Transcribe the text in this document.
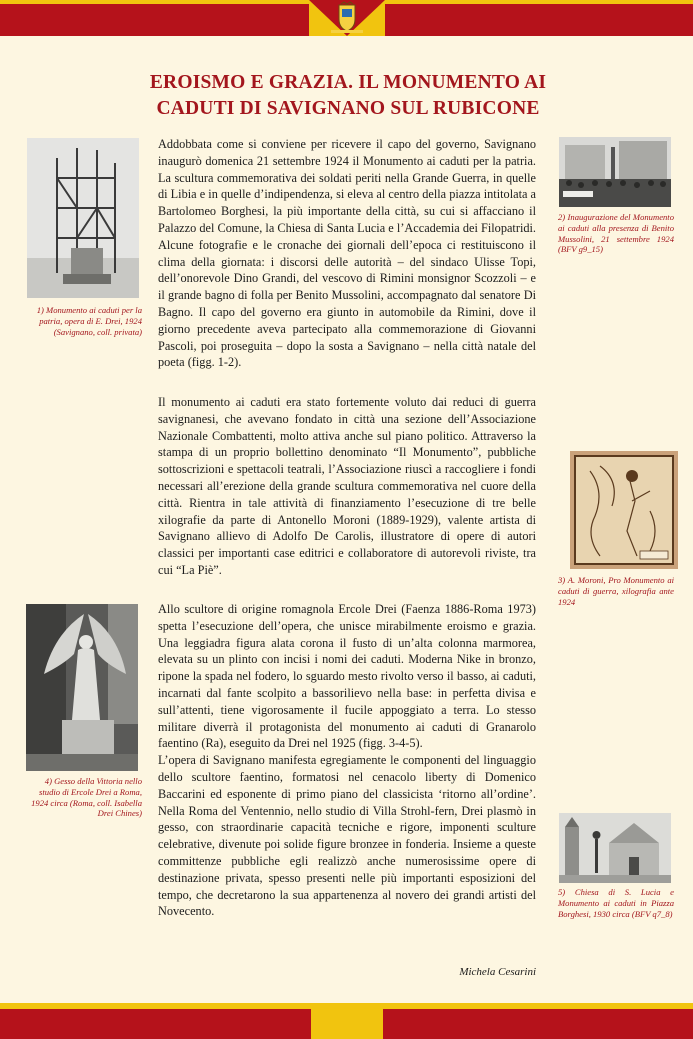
EROISMO E GRAZIA. IL MONUMENTO AI
CADUTI DI SAVIGNANO SUL RUBICONE

Addobbata come si conviene per ricevere il capo del governo, Savignano inaugurò domenica 21 settembre 1924 il Monumento ai caduti per la patria. La scultura commemorativa dei soldati periti nella Grande Guerra, in quelle di Libia e in quelle d’indipendenza, si eleva al centro della piazza intitolata a Bartolomeo Borghesi, la più importante della città, su cui si affacciano il Palazzo del Comune, la Chiesa di Santa Lucia e l’Accademia dei Filopatridi. Alcune fotografie e le cronache dei giornali dell’epoca ci restituiscono il clima della giornata: i discorsi delle autorità – del sindaco Ulisse Topi, dell’onorevole Dino Grandi, del vescovo di Rimini monsignor Scozzoli – e il grande bagno di folla per Benito Mussolini, accompagnato dal senatore Di Bagno. Il capo del governo era giunto in automobile da Rimini, dove il giorno precedente aveva partecipato alla commemorazione di Giovanni Pascoli, poi proseguita – dopo la sosta a Savignano – nella città natale del poeta (figg. 1-2).

Il monumento ai caduti era stato fortemente voluto dai reduci di guerra savignanesi, che avevano fondato in città una sezione dell’Associazione Nazionale Combattenti, molto attiva anche sul piano politico. Attraverso la stampa di un proprio bollettino denominato “Il Monumento”, pubbliche sottoscrizioni e spettacoli teatrali, l’Associazione riuscì a raccogliere i fondi necessari all’erezione della grande scultura commemorativa nel cuore della città. Rientra in tale attività di finanziamento l’esecuzione di tre belle xilografie da parte di Antonello Moroni (1889-1929), valente artista di Savignano allievo di Adolfo De Carolis, illustratore di opere di autori classici per importanti case editrici e collaboratore di autorevoli riviste, tra cui “La Piè”.

Allo scultore di origine romagnola Ercole Drei (Faenza 1886-Roma 1973) spetta l’esecuzione dell’opera, che unisce mirabilmente eroismo e grazia. Una leggiadra figura alata corona il fusto di un’alta colonna marmorea, elevata su un plinto con incisi i nomi dei caduti. Moderna Nike in bronzo, ripone la spada nel fodero, lo sguardo mesto rivolto verso il basso, ai caduti, incarnati dal fante scolpito a bassorilievo nella base: in perfetta divisa e sull’attenti, tiene vigorosamente il fucile appoggiato a terra. Lo stesso militare diverrà il protagonista del monumento ai caduti di Granarolo faentino (Ra), eseguito da Drei nel 1925 (figg. 3-4-5).

L’opera di Savignano manifesta egregiamente le componenti del linguaggio dello scultore faentino, formatosi nel cenacolo liberty di Domenico Baccarini ed esponente di primo piano del classicista ‘ritorno all’ordine’. Nella Roma del Ventennio, nello studio di Villa Strohl-fern, Drei plasmò in gesso, con straordinarie capacità tecniche e rigore, imponenti sculture celebrative, divenute poi solide figure bronzee in fonderia. Insieme a queste committenze pubbliche egli realizzò anche numerosissime opere di destinazione privata, spesso presenti nelle più importanti esposizioni del tempo, che decretarono la sua appartenenza al novero dei grandi artisti del Novecento.

Michela Cesarini
1) Monumento ai caduti per la patria, opera di E. Drei, 1924 (Savignano, coll. privata)
2) Inaugurazione del Monumento ai caduti alla presenza di Benito Mussolini, 21 settembre 1924 (BFV g9_15)
3) A. Moroni, Pro Monumento ai caduti di guerra, xilografia ante 1924
4) Gesso della Vittoria nello studio di Ercole Drei a Roma, 1924 circa (Roma, coll. Isabella Drei Chines)
5) Chiesa di S. Lucia e Monumento ai caduti in Piazza Borghesi, 1930 circa (BFV q7_8)
